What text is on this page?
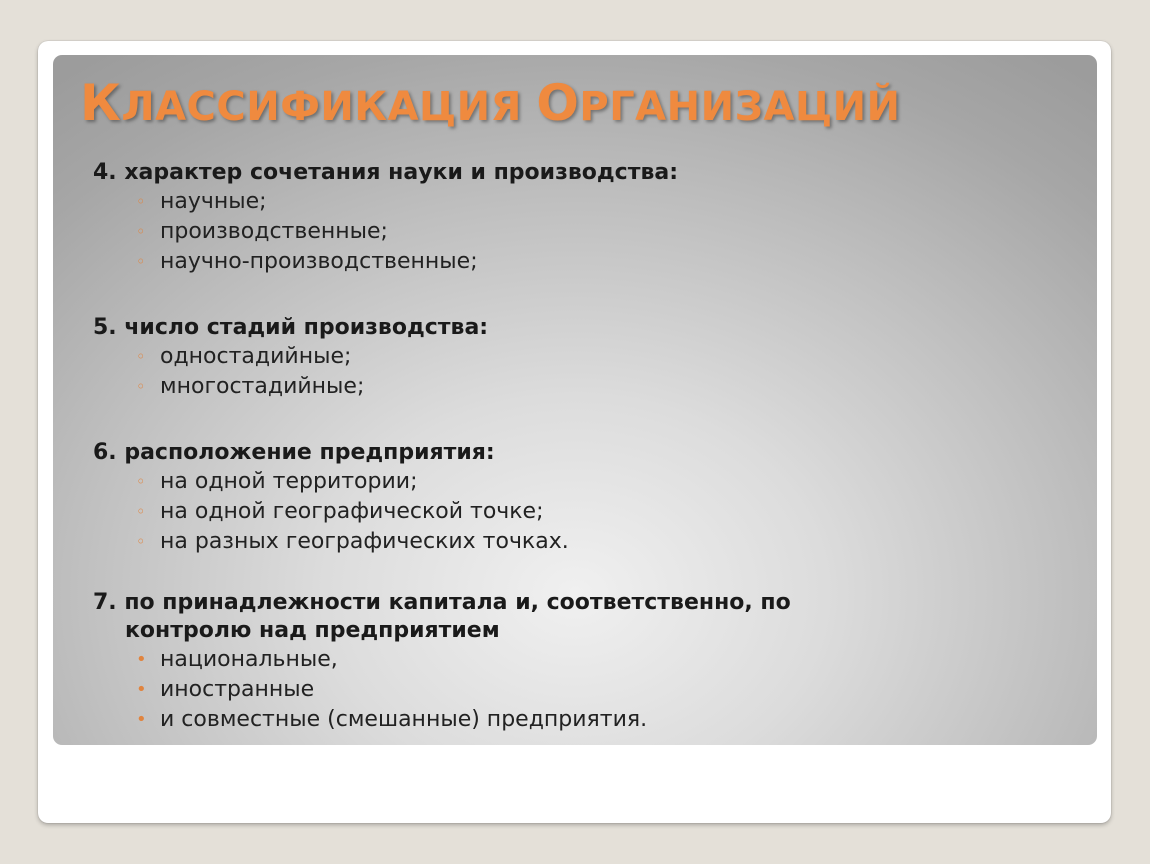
КЛАССИФИКАЦИЯ ОРГАНИЗАЦИЙ

4. характер сочетания науки и производства:

◦ научные;
◦ производственные;
◦ научно-производственные;

5. число стадий производства:

◦ одностадийные;
◦ многостадийные;

6. расположение предприятия:

◦ на одной территории;
◦ на одной географической точке;
◦ на разных географических точках.

7. по принадлежности капитала и, соответственно, по
контролю над предприятием

• национальные,
• иностранные
• и совместные (смешанные) предприятия.
